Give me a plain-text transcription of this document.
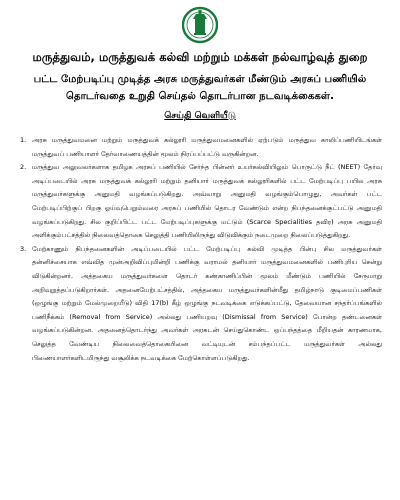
மருத்துவம், மருத்துவக் கல்வி மற்றும் மக்கள் நல்வாழ்வுத் துறை
பட்ட மேற்படிப்பு முடித்த அரசு மருத்துவர்கள் மீண்டும் அரசுப் பணியில் தொடர்வதை உறுதி செய்தல் தொடர்பான நடவடிக்கைகள்.
செய்தி வெளியீடு
1. அரசு மருத்துவமனை மற்றும் மருத்துவக் கல்லூரி மருத்துவமனைகளில் ஏற்படும் மருத்துவ காலிப்பணியிடங்கள் மருத்துவப் பணியாளர் தேர்வாணையத்தின் மூலம் நிரப்பப்பட்டு வருகின்றன.
2. மருத்துவ அலுவலர்களாக தமிழக அரசுப் பணியில் சேர்ந்த பின்னர் உயர்கல்வியிலும் பொருட்டு நீட் (NEET) தேர்வு அடிப்படையில் அரசு மருத்துவக் கல்லூரி மற்றும் தனியார் மருத்துவக் கல்லூரிகளில் பட்ட மேற்படிப்பு பயில அரசு மருத்துவர்களுக்கு அனுமதி வழங்கப்படுகிறது. அவ்வாறு அனுமதி வழங்கும்பொழுது, அவர்கள் பட்ட மேற்படிப்பிற்குப் பிறகு ஓய்வுபெறும்வரை அரசுப் பணியில் தொடர வேண்டும் என்ற நிபந்தனைக்குட்பட்டு அனுமதி வழங்கப்படுகிறது. சில குறிப்பிட்ட பட்ட மேற்படிப்புகளுக்கு மட்டும் (Scarce Specialities தவிர) அரசு அனுமதி அளிக்கும்பட்சத்தில் நிலைவத்தொகை செலுத்தி பணியிலிருந்து விடுவிக்கும் நடைமுறை நிலைப்படுத்துகிறது.
3. மேற்காணும் நிபந்தனைகளின் அடிப்படையில் பட்ட மேற்படிப்பு கல்வி முடித்த பின்பு சில மருத்துவர்கள் தன்னிச்சையாக எவ்வித முன்அறிவிப்புமின்றி பணிக்கு வராமல் தனியார் மருத்துவமனைகளில் பணிபுரிய சென்று விடுகின்றனர். அத்தகைய மருத்துவர்களை தொடர் கண்காணிப்பின் மூலம் மீண்டும் பணியில் சேருமாறு அறிவுறுத்தப்படுகிறார்கள். அதனையேற்பட்சத்தில், அத்தகைய மருத்துவர்களின்மீது தமிழ்நாடு குடிமைப்பணிகள் (ஒழுங்கு மற்றும் மேல்முறையீடு) விதி 17(b) கீழ் ஒழுங்கு நடவடிக்கை எடுக்கப்பட்டு, தேவையான சந்தர்ப்பங்களில் பணிநீக்கம் (Removal from Service) அல்லது பணியறவு (Dismissal from Service) போன்ற தண்டனைகள் வழங்கப்படுகின்றன. அதனைத்தொடர்ந்து அவர்கள் அரசுடன் செய்துகொண்ட ஒப்பந்தத்தை மீறியதன் காரணமாக, செலுத்த வேண்டிய நிலைவைத்தொகையினை வட்டியுடன் சம்பந்தப்பட்ட மருத்துவர்கள் அல்லது பிணையாளர்களிடமிருந்து வசூலிக்க நடவடிக்கை மேற்கொள்ளப்படுகிறது.
